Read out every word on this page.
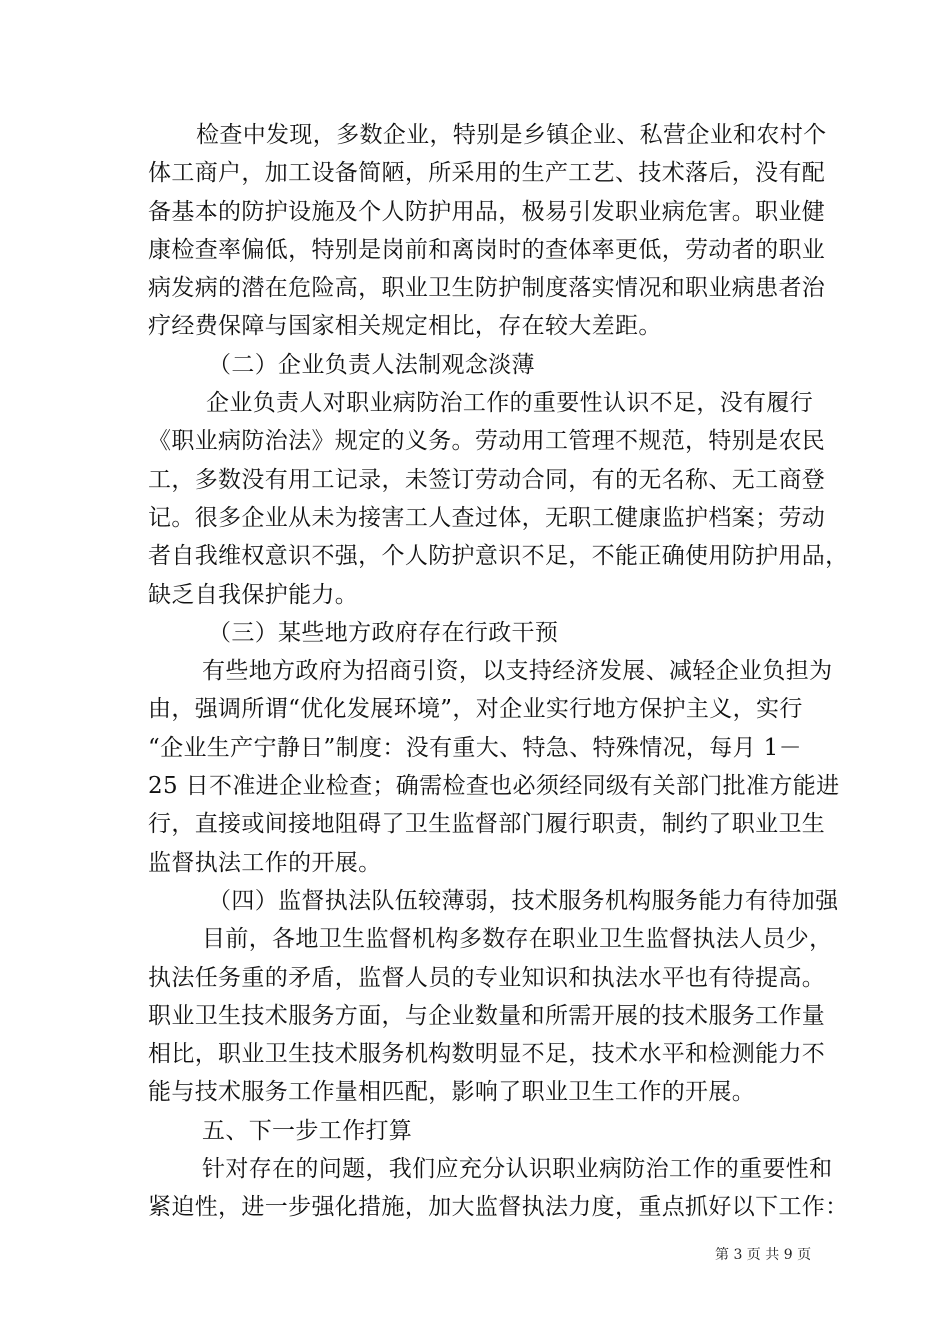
检查中发现，多数企业，特别是乡镇企业、私营企业和农村个
体工商户，加工设备简陋，所采用的生产工艺、技术落后，没有配
备基本的防护设施及个人防护用品，极易引发职业病危害。职业健
康检查率偏低，特别是岗前和离岗时的查体率更低，劳动者的职业
病发病的潜在危险高，职业卫生防护制度落实情况和职业病患者治
疗经费保障与国家相关规定相比，存在较大差距。
（二）企业负责人法制观念淡薄
企业负责人对职业病防治工作的重要性认识不足，没有履行
《职业病防治法》规定的义务。劳动用工管理不规范，特别是农民
工，多数没有用工记录，未签订劳动合同，有的无名称、无工商登
记。很多企业从未为接害工人查过体，无职工健康监护档案；劳动
者自我维权意识不强，个人防护意识不足，不能正确使用防护用品，
缺乏自我保护能力。
（三）某些地方政府存在行政干预
有些地方政府为招商引资，以支持经济发展、减轻企业负担为
由，强调所谓“优化发展环境”，对企业实行地方保护主义，实行
“企业生产宁静日”制度：没有重大、特急、特殊情况，每月 1－
25 日不准进企业检查；确需检查也必须经同级有关部门批准方能进
行，直接或间接地阻碍了卫生监督部门履行职责，制约了职业卫生
监督执法工作的开展。
（四）监督执法队伍较薄弱，技术服务机构服务能力有待加强
目前，各地卫生监督机构多数存在职业卫生监督执法人员少，
执法任务重的矛盾，监督人员的专业知识和执法水平也有待提高。
职业卫生技术服务方面，与企业数量和所需开展的技术服务工作量
相比，职业卫生技术服务机构数明显不足，技术水平和检测能力不
能与技术服务工作量相匹配，影响了职业卫生工作的开展。
五、下一步工作打算
针对存在的问题，我们应充分认识职业病防治工作的重要性和
紧迫性，进一步强化措施，加大监督执法力度，重点抓好以下工作：
第 3 页 共 9 页
